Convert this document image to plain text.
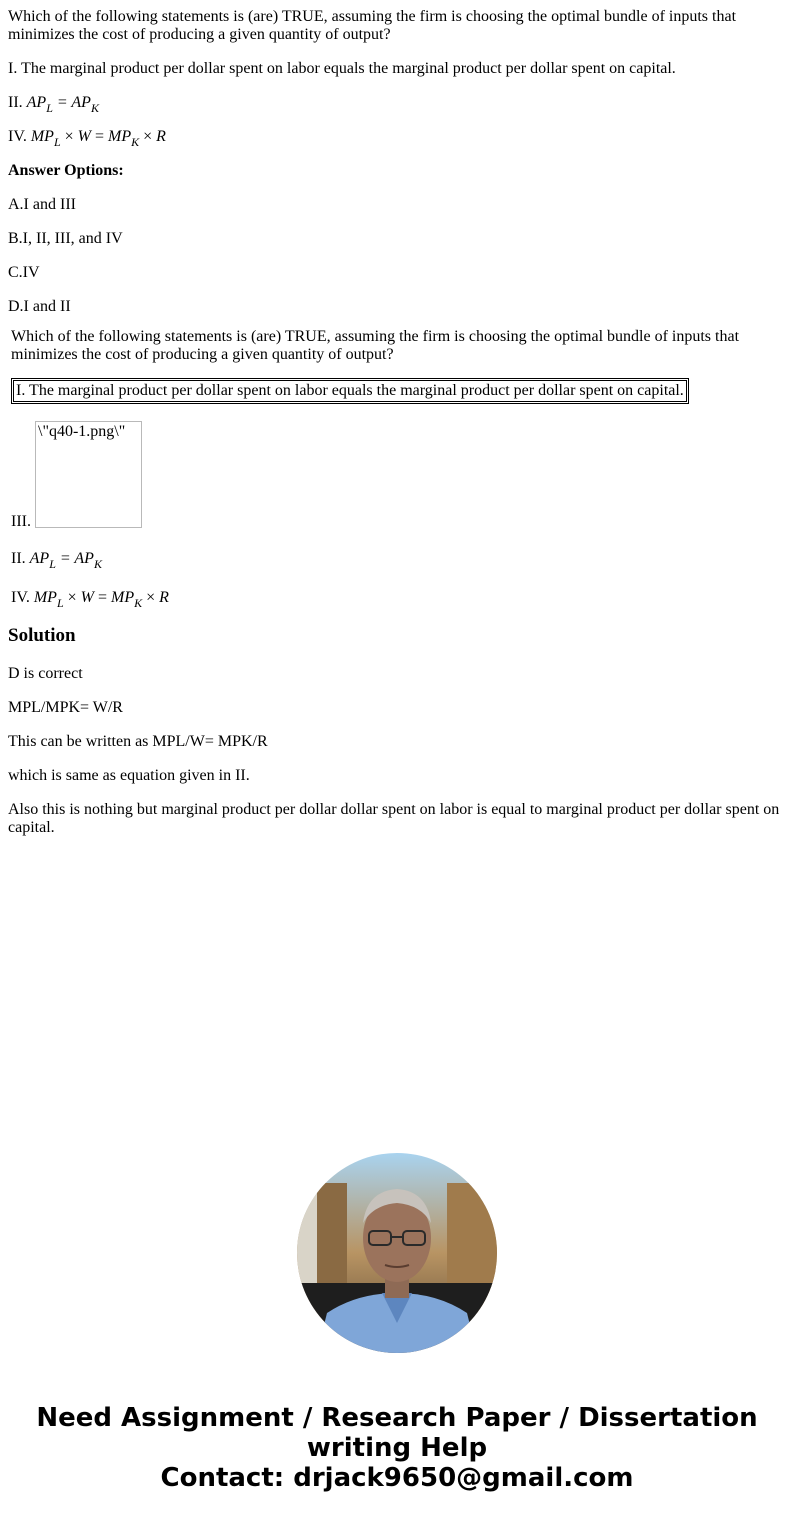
Which of the following statements is (are) TRUE, assuming the firm is choosing the optimal bundle of inputs that minimizes the cost of producing a given quantity of output?

I. The marginal product per dollar spent on labor equals the marginal product per dollar spent on capital.

II. $AP_L = AP_K$

IV. $MP_L \times W = MP_K \times R$

Answer Options:

A.I and III

B.I, II, III, and IV

C.IV

D.I and II

Which of the following statements is (are) TRUE, assuming the firm is choosing the optimal bundle of inputs that minimizes the cost of producing a given quantity of output?

I. The marginal product per dollar spent on labor equals the marginal product per dollar spent on capital.
III.
\"q40-1.png\"

II. $AP_L = AP_K$

IV. $MP_L \times W = MP_K \times R$

Solution

D is correct

MPL/MPK= W/R

This can be written as MPL/W= MPK/R

which is same as equation given in II.

Also this is nothing but marginal product per dollar dollar spent on labor is equal to marginal product per dollar spent on capital.

Need Assignment / Research Paper / Dissertation
writing Help
Contact: drjack9650@gmail.com
